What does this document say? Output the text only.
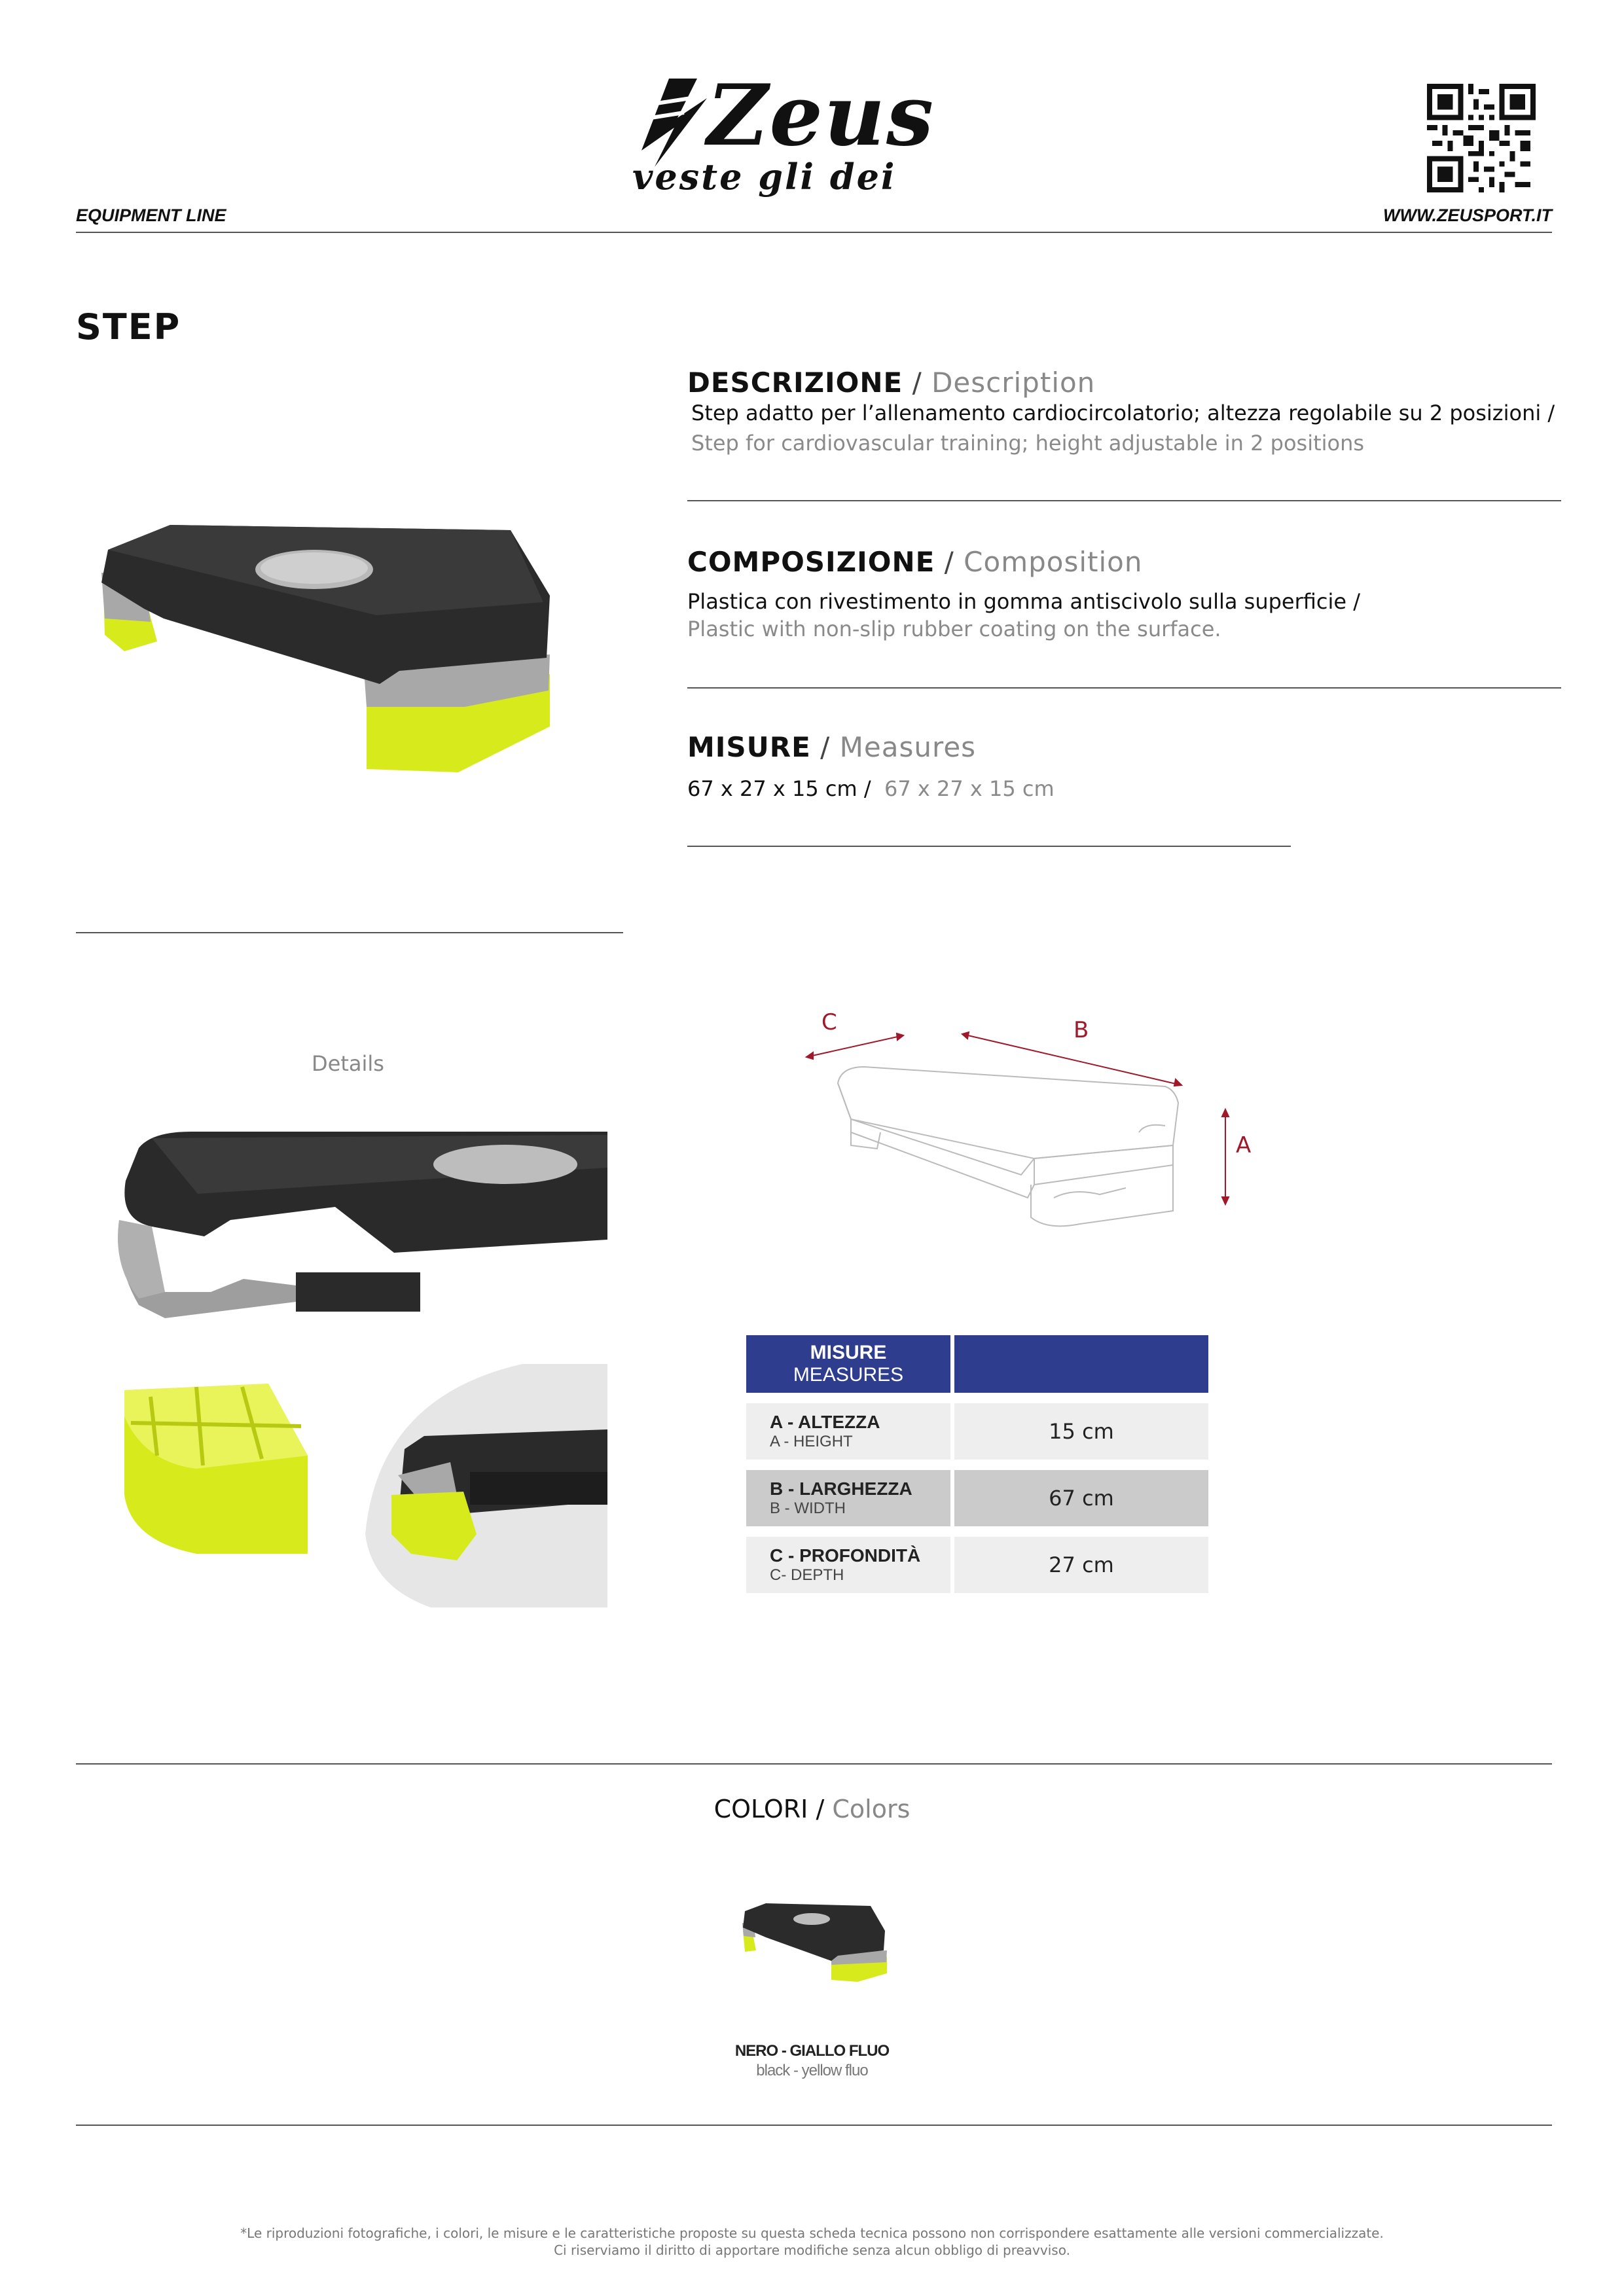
Zeus
veste gli dei
EQUIPMENT LINE	WWW.ZEUSPORT.IT
STEP
DESCRIZIONE / Description
Step adatto per l’allenamento cardiocircolatorio; altezza regolabile su 2 posizioni /
Step for cardiovascular training; height adjustable in 2 positions
COMPOSIZIONE / Composition
Plastica con rivestimento in gomma antiscivolo sulla superficie /
Plastic with non-slip rubber coating on the surface.
MISURE / Measures
67 x 27 x 15 cm / 67 x 27 x 15 cm
Details
C	B
A
MISURE
MEASURES	

A - ALTEZZA
A - HEIGHT	15 cm

B - LARGHEZZA
B - WIDTH	67 cm

C - PROFONDITÀ
C- DEPTH	27 cm
COLORI / Colors
NERO - GIALLO FLUO
black - yellow fluo
*Le riproduzioni fotografiche, i colori, le misure e le caratteristiche proposte su questa scheda tecnica possono non corrispondere esattamente alle versioni commercializzate.
Ci riserviamo il diritto di apportare modifiche senza alcun obbligo di preavviso.
